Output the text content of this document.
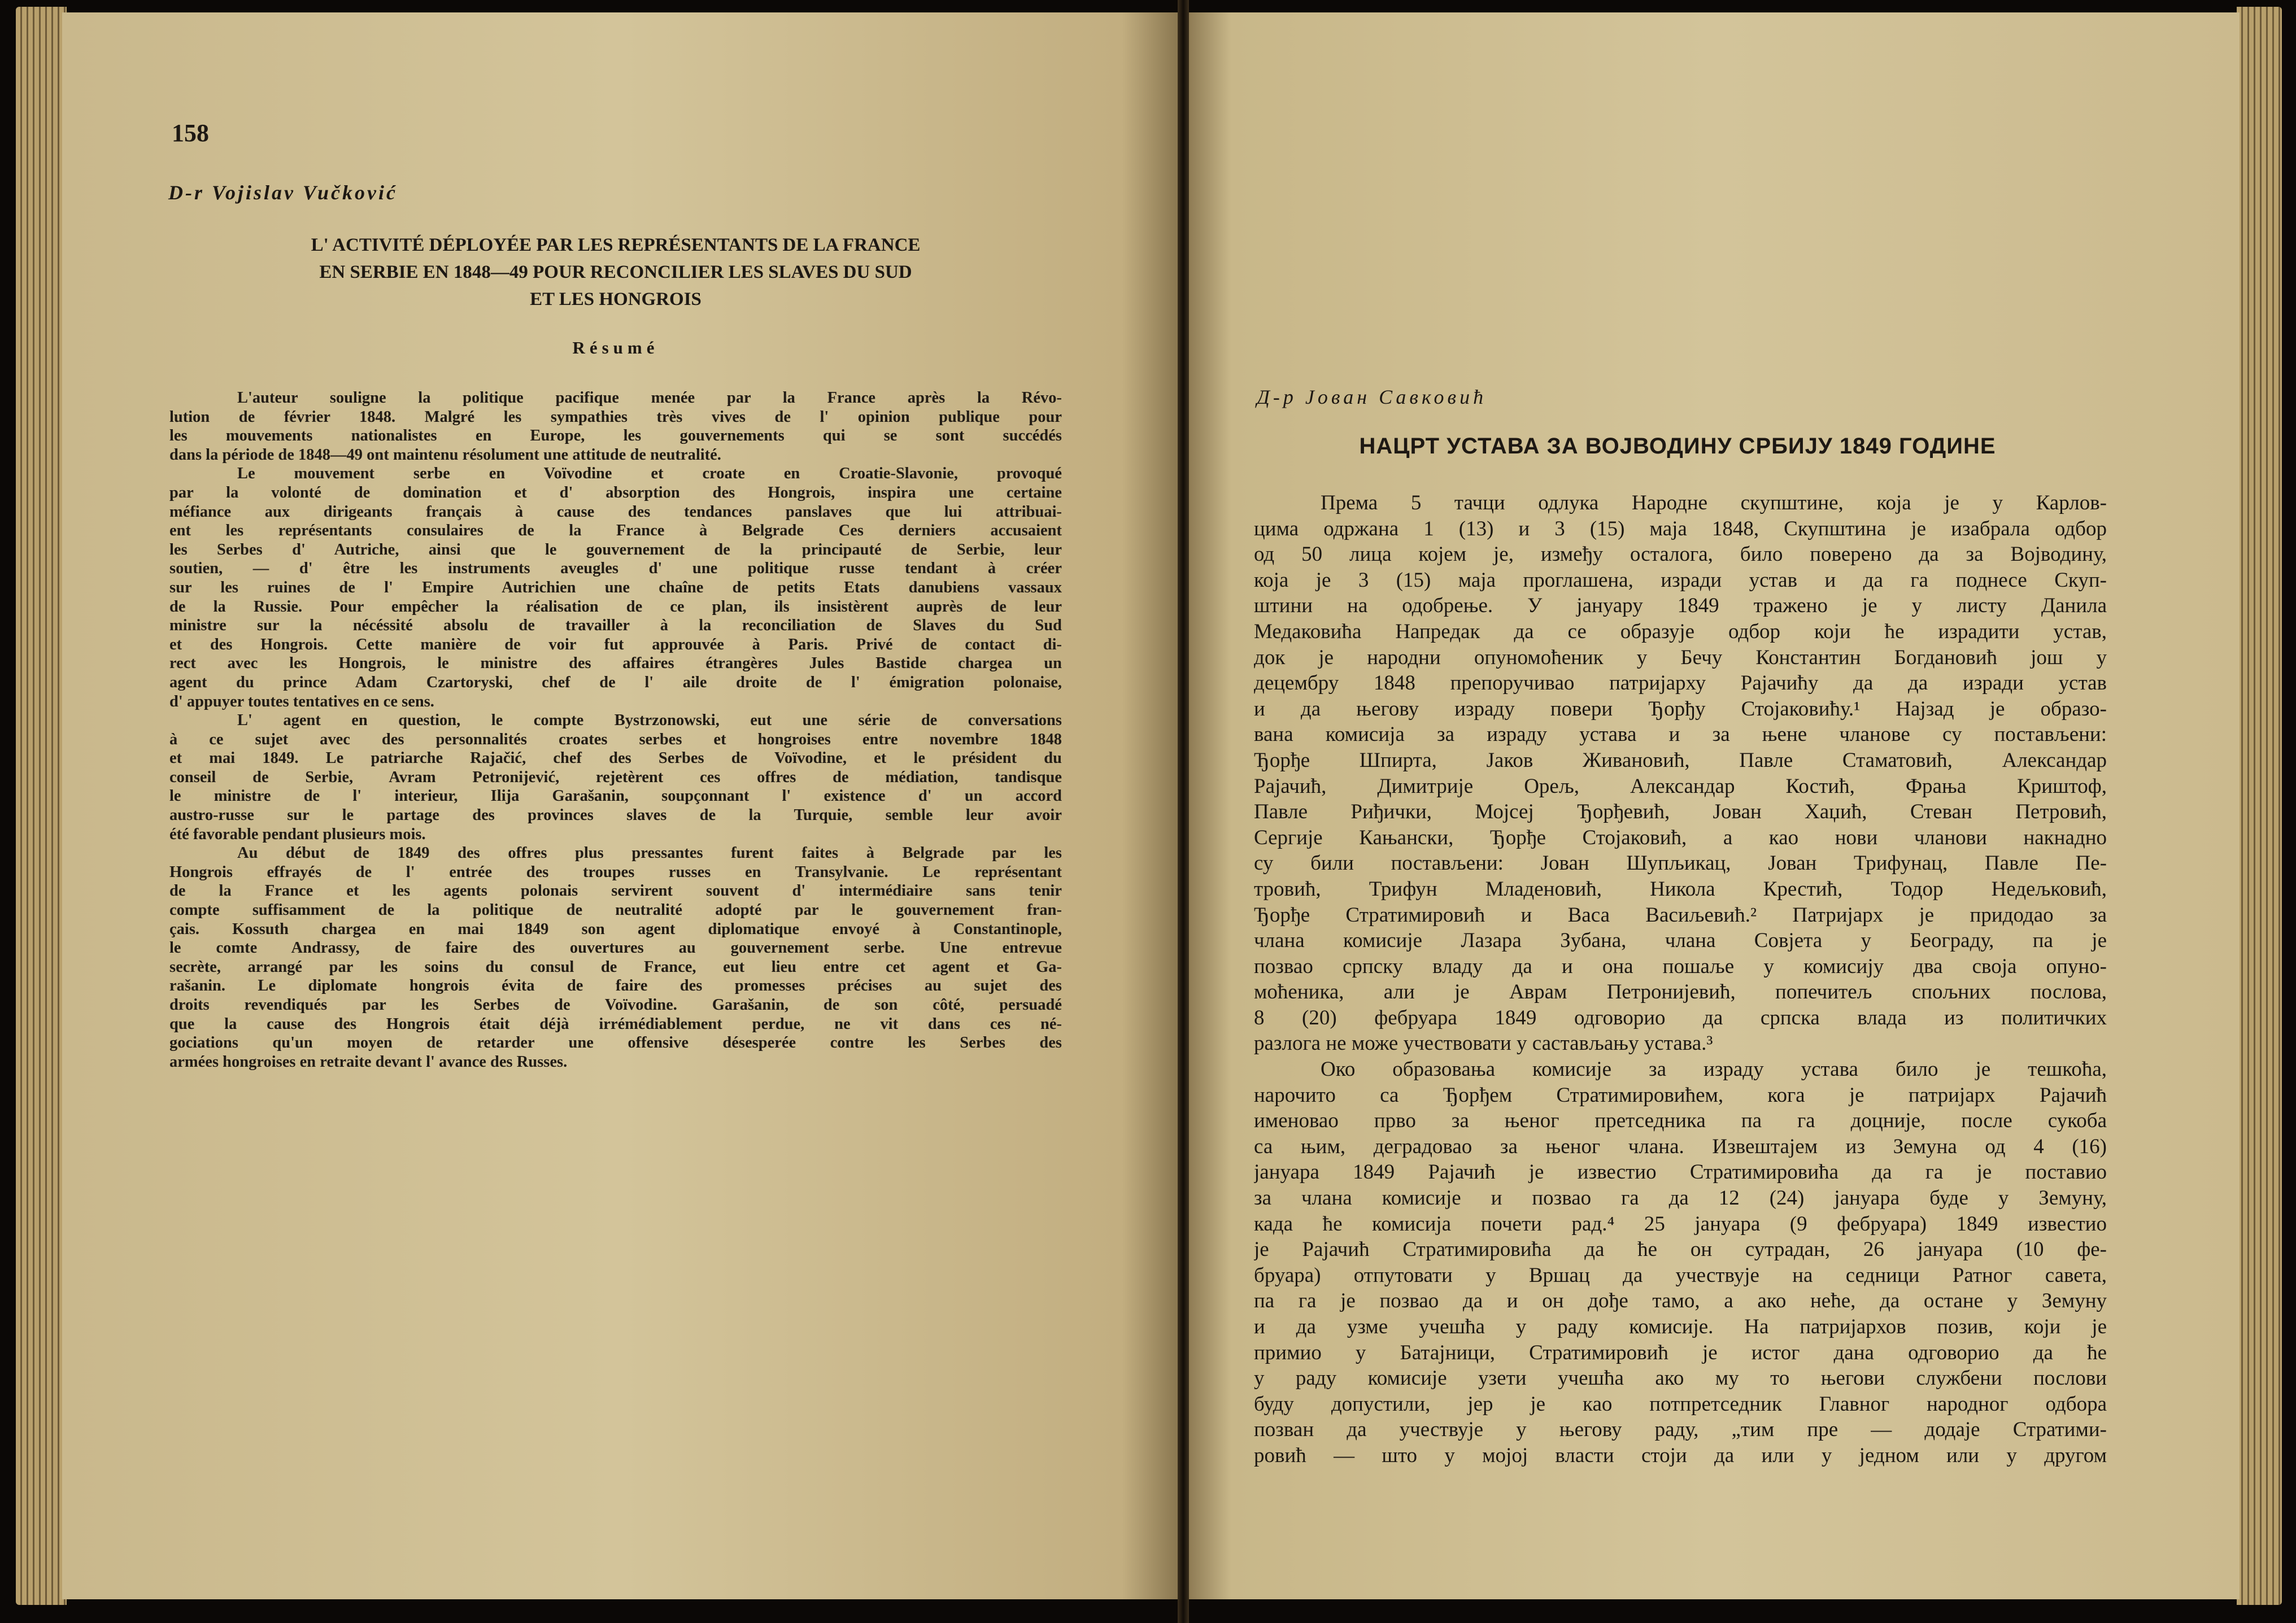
158
D-r Vojislav Vučković
L' ACTIVITÉ DÉPLOYÉE PAR LES REPRÉSENTANTS DE LA FRANCE
EN SERBIE EN 1848—49 POUR RECONCILIER LES SLAVES DU SUD
ET LES HONGROIS
Résumé
L'auteur souligne la politique pacifique menée par la France après la Révo-
lution de février 1848. Malgré les sympathies très vives de l' opinion publique pour
les mouvements nationalistes en Europe, les gouvernements qui se sont succédés
dans la période de 1848—49 ont maintenu résolument une attitude de neutralité.
Le mouvement serbe en Voïvodine et croate en Croatie-Slavonie, provoqué
par la volonté de domination et d' absorption des Hongrois, inspira une certaine
méfiance aux dirigeants français à cause des tendances panslaves que lui attribuai-
ent les représentants consulaires de la France à Belgrade Ces derniers accusaient
les Serbes d' Autriche, ainsi que le gouvernement de la principauté de Serbie, leur
soutien, — d' être les instruments aveugles d' une politique russe tendant à créer
sur les ruines de l' Empire Autrichien une chaîne de petits Etats danubiens vassaux
de la Russie. Pour empêcher la réalisation de ce plan, ils insistèrent auprès de leur
ministre sur la nécéssité absolu de travailler à la reconciliation de Slaves du Sud
et des Hongrois. Cette manière de voir fut approuvée à Paris. Privé de contact di-
rect avec les Hongrois, le ministre des affaires étrangères Jules Bastide chargea un
agent du prince Adam Czartoryski, chef de l' aile droite de l' émigration polonaise,
d' appuyer toutes tentatives en ce sens.
L' agent en question, le compte Bystrzonowski, eut une série de conversations
à ce sujet avec des personnalités croates serbes et hongroises entre novembre 1848
et mai 1849. Le patriarche Rajačić, chef des Serbes de Voïvodine, et le président du
conseil de Serbie, Avram Petronijević, rejetèrent ces offres de médiation, tandisque
le ministre de l' interieur, Ilija Garašanin, soupçonnant l' existence d' un accord
austro-russe sur le partage des provinces slaves de la Turquie, semble leur avoir
été favorable pendant plusieurs mois.
Au début de 1849 des offres plus pressantes furent faites à Belgrade par les
Hongrois effrayés de l' entrée des troupes russes en Transylvanie. Le représentant
de la France et les agents polonais servirent souvent d' intermédiaire sans tenir
compte suffisamment de la politique de neutralité adopté par le gouvernement fran-
çais. Kossuth chargea en mai 1849 son agent diplomatique envoyé à Constantinople,
le comte Andrassy, de faire des ouvertures au gouvernement serbe. Une entrevue
secrète, arrangé par les soins du consul de France, eut lieu entre cet agent et Ga-
rašanin. Le diplomate hongrois évita de faire des promesses précises au sujet des
droits revendiqués par les Serbes de Voïvodine. Garašanin, de son côté, persuadé
que la cause des Hongrois était déjà irrémédiablement perdue, ne vit dans ces né-
gociations qu'un moyen de retarder une offensive désesperée contre les Serbes des
armées hongroises en retraite devant l' avance des Russes.
Д-р Јован Савковић
НАЦРТ УСТАВА ЗА ВОЈВОДИНУ СРБИЈУ 1849 ГОДИНЕ
Према 5 тачци одлука Народне скупштине, која је у Карлов-
цима одржана 1 (13) и 3 (15) маја 1848, Скупштина је изабрала одбор
од 50 лица којем је, између осталога, било поверено да за Војводину,
која је 3 (15) маја проглашена, изради устав и да га поднесе Скуп-
штини на одобрење. У јануару 1849 тражено је у листу Данила
Медаковића Напредак да се образује одбор који ће израдити устав,
док је народни опуномоћеник у Бечу Константин Богдановић још у
децембру 1848 препоручивао патријарху Рајачићу да да изради устав
и да његову израду повери Ђорђу Стојаковићу.¹ Најзад је образо-
вана комисија за израду устава и за њене чланове су постављени:
Ђорђе Шпирта, Јаков Живановић, Павле Стаматовић, Александар
Рајачић, Димитрије Орељ, Александар Костић, Фрања Криштоф,
Павле Риђички, Мојсеј Ђорђевић, Јован Хаџић, Стеван Петровић,
Сергије Кањански, Ђорђе Стојаковић, а као нови чланови накнадно
су били постављени: Јован Шупљикац, Јован Трифунац, Павле Пе-
тровић, Трифун Младеновић, Никола Крестић, Тодор Недељковић,
Ђорђе Стратимировић и Васа Васиљевић.² Патријарх је придодао за
члана комисије Лазара Зубана, члана Совјета у Београду, па је
позвао српску владу да и она пошаље у комисију два своја опуно-
моћеника, али је Аврам Петронијевић, попечитељ спољних послова,
8 (20) фебруара 1849 одговорио да српска влада из политичких
разлога не може учествовати у састављању устава.³
Око образовања комисије за израду устава било је тешкоћа,
нарочито са Ђорђем Стратимировићем, кога је патријарх Рајачић
именовао прво за њеног претседника па га доцније, после сукоба
са њим, деградовао за њеног члана. Извештајем из Земуна од 4 (16)
јануара 1849 Рајачић је известио Стратимировића да га је поставио
за члана комисије и позвао га да 12 (24) јануара буде у Земуну,
када ће комисија почети рад.⁴ 25 јануара (9 фебруара) 1849 известио
је Рајачић Стратимировића да ће он сутрадан, 26 јануара (10 фе-
бруара) отпутовати у Вршац да учествује на седници Ратног савета,
па га је позвао да и он дође тамо, а ако неће, да остане у Земуну
и да узме учешћа у раду комисије. На патријархов позив, који је
примио у Батајници, Стратимировић је истог дана одговорио да ће
у раду комисије узети учешћа ако му то његови службени послови
буду допустили, јер је као потпретседник Главног народног одбора
позван да учествује у његову раду, „тим пре — додаје Стратими-
ровић — што у мојој власти стоји да или у једном или у другом
